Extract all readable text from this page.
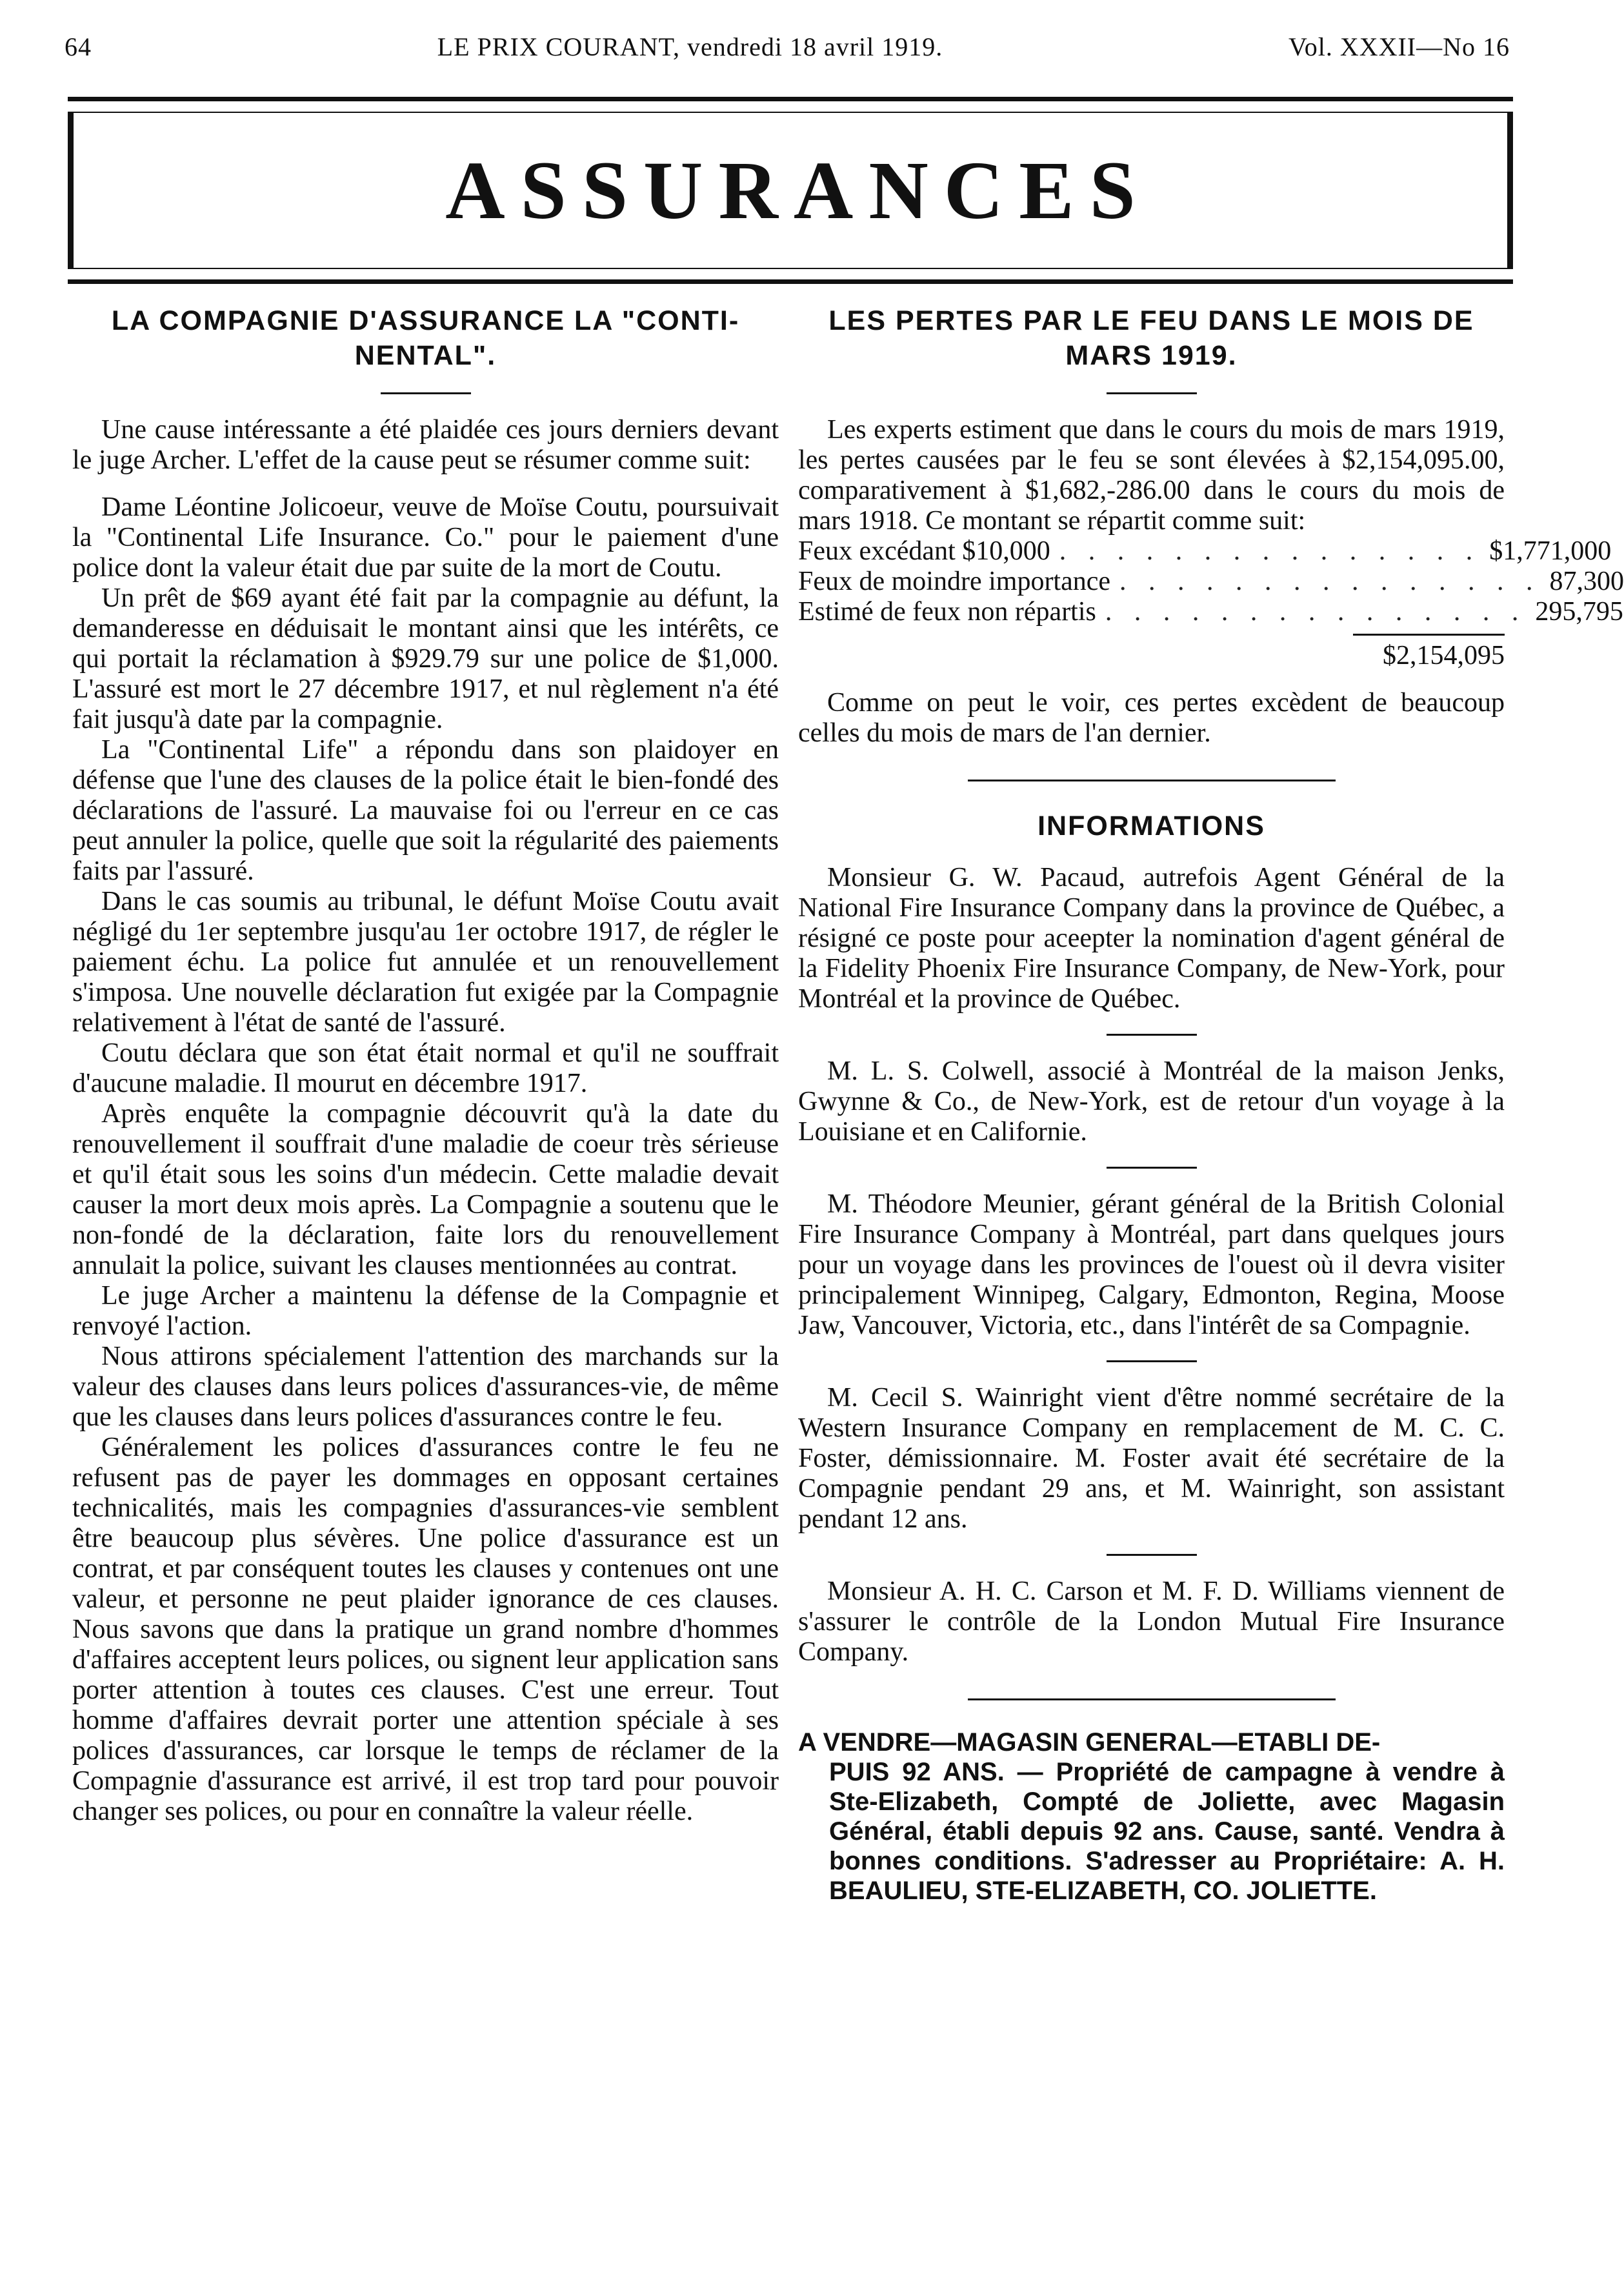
64	LE PRIX COURANT, vendredi 18 avril 1919.	Vol. XXXII—No 16
ASSURANCES
LA COMPAGNIE D'ASSURANCE LA "CONTI-NENTAL".

Une cause intéressante a été plaidée ces jours derniers devant le juge Archer. L'effet de la cause peut se résumer comme suit:

Dame Léontine Jolicoeur, veuve de Moïse Coutu, poursuivait la "Continental Life Insurance. Co." pour le paiement d'une police dont la valeur était due par suite de la mort de Coutu.

Un prêt de $69 ayant été fait par la compagnie au défunt, la demanderesse en déduisait le montant ainsi que les intérêts, ce qui portait la réclamation à $929.79 sur une police de $1,000. L'assuré est mort le 27 décembre 1917, et nul règlement n'a été fait jusqu'à date par la compagnie.

La "Continental Life" a répondu dans son plaidoyer en défense que l'une des clauses de la police était le bien-fondé des déclarations de l'assuré. La mauvaise foi ou l'erreur en ce cas peut annuler la police, quelle que soit la régularité des paiements faits par l'assuré.

Dans le cas soumis au tribunal, le défunt Moïse Coutu avait négligé du 1er septembre jusqu'au 1er octobre 1917, de régler le paiement échu. La police fut annulée et un renouvellement s'imposa. Une nouvelle déclaration fut exigée par la Compagnie relativement à l'état de santé de l'assuré.

Coutu déclara que son état était normal et qu'il ne souffrait d'aucune maladie. Il mourut en décembre 1917.

Après enquête la compagnie découvrit qu'à la date du renouvellement il souffrait d'une maladie de coeur très sérieuse et qu'il était sous les soins d'un médecin. Cette maladie devait causer la mort deux mois après. La Compagnie a soutenu que le non-fondé de la déclaration, faite lors du renouvellement annulait la police, suivant les clauses mentionnées au contrat.

Le juge Archer a maintenu la défense de la Compagnie et renvoyé l'action.

Nous attirons spécialement l'attention des marchands sur la valeur des clauses dans leurs polices d'assurances-vie, de même que les clauses dans leurs polices d'assurances contre le feu.

Généralement les polices d'assurances contre le feu ne refusent pas de payer les dommages en opposant certaines technicalités, mais les compagnies d'assurances-vie semblent être beaucoup plus sévères. Une police d'assurance est un contrat, et par conséquent toutes les clauses y contenues ont une valeur, et personne ne peut plaider ignorance de ces clauses. Nous savons que dans la pratique un grand nombre d'hommes d'affaires acceptent leurs polices, ou signent leur application sans porter attention à toutes ces clauses. C'est une erreur. Tout homme d'affaires devrait porter une attention spéciale à ses polices d'assurances, car lorsque le temps de réclamer de la Compagnie d'assurance est arrivé, il est trop tard pour pouvoir changer ses polices, ou pour en connaître la valeur réelle.

LES PERTES PAR LE FEU DANS LE MOIS DE MARS 1919.

Les experts estiment que dans le cours du mois de mars 1919, les pertes causées par le feu se sont élevées à $2,154,095.00, comparativement à $1,682,-286.00 dans le cours du mois de mars 1918. Ce montant se répartit comme suit:

Feux excédant $10,000 . . . . . . . . . . . . . . . $1,771,000
Feux de moindre importance . . . . . . . . . . . . . . . 87,300
Estimé de feux non répartis . . . . . . . . . . . . . . . 295,795
$2,154,095

Comme on peut le voir, ces pertes excèdent de beaucoup celles du mois de mars de l'an dernier.

INFORMATIONS

Monsieur G. W. Pacaud, autrefois Agent Général de la National Fire Insurance Company dans la province de Québec, a résigné ce poste pour aceepter la nomination d'agent général de la Fidelity Phoenix Fire Insurance Company, de New-York, pour Montréal et la province de Québec.

M. L. S. Colwell, associé à Montréal de la maison Jenks, Gwynne & Co., de New-York, est de retour d'un voyage à la Louisiane et en Californie.

M. Théodore Meunier, gérant général de la British Colonial Fire Insurance Company à Montréal, part dans quelques jours pour un voyage dans les provinces de l'ouest où il devra visiter principalement Winnipeg, Calgary, Edmonton, Regina, Moose Jaw, Vancouver, Victoria, etc., dans l'intérêt de sa Compagnie.

M. Cecil S. Wainright vient d'être nommé secrétaire de la Western Insurance Company en remplacement de M. C. C. Foster, démissionnaire. M. Foster avait été secrétaire de la Compagnie pendant 29 ans, et M. Wainright, son assistant pendant 12 ans.

Monsieur A. H. C. Carson et M. F. D. Williams viennent de s'assurer le contrôle de la London Mutual Fire Insurance Company.

A VENDRE—MAGASIN GENERAL—ETABLI DE-
PUIS 92 ANS. — Propriété de campagne à vendre à Ste-Elizabeth, Compté de Joliette, avec Magasin Général, établi depuis 92 ans. Cause, santé. Vendra à bonnes conditions. S'adresser au Propriétaire: A. H. BEAULIEU, STE-ELIZABETH, CO. JOLIETTE.
